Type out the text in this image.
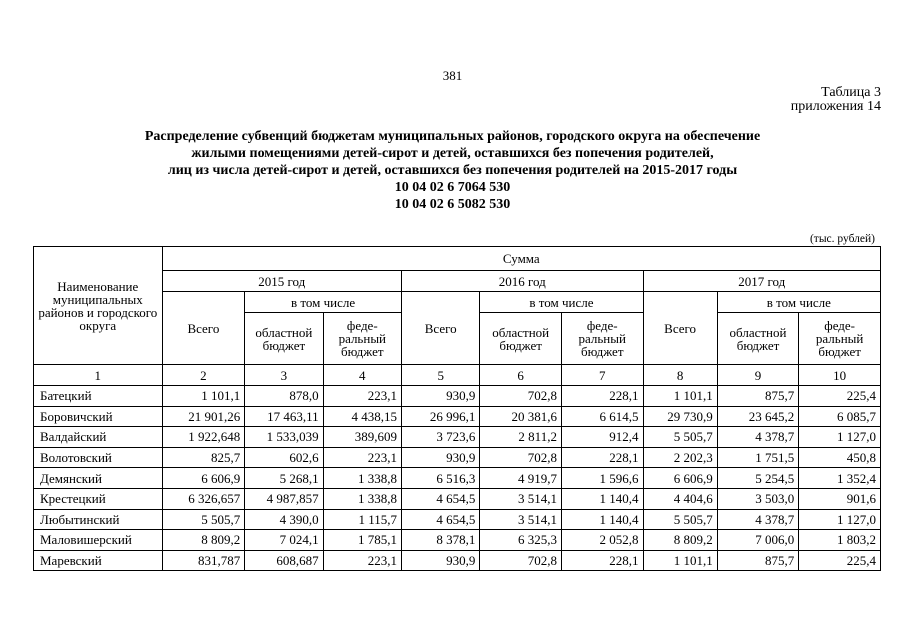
381
Таблица 3
приложения 14
Распределение субвенций бюджетам муниципальных районов, городского округа на обеспечение
жилыми помещениями детей-сирот и детей, оставшихся без попечения родителей,
лиц из числа детей-сирот и детей, оставшихся без попечения родителей на 2015-2017 годы
10 04 02 6 7064 530
10 04 02 6 5082 530
(тыс. рублей)
Наименование муниципальных районов и городского округа	Сумма								
	2015 год			2016 год			2017 год		
	Всего	в том числе		Всего	в том числе		Всего	в том числе	
		областной бюджет	феде-ральный бюджет		областной бюджет	феде-ральный бюджет		областной бюджет	феде-ральный бюджет
1	2	3	4	5	6	7	8	9	10
Батецкий	1 101,1	878,0	223,1	930,9	702,8	228,1	1 101,1	875,7	225,4
Боровичский	21 901,26	17 463,11	4 438,15	26 996,1	20 381,6	6 614,5	29 730,9	23 645,2	6 085,7
Валдайский	1 922,648	1 533,039	389,609	3 723,6	2 811,2	912,4	5 505,7	4 378,7	1 127,0
Волотовский	825,7	602,6	223,1	930,9	702,8	228,1	2 202,3	1 751,5	450,8
Демянский	6 606,9	5 268,1	1 338,8	6 516,3	4 919,7	1 596,6	6 606,9	5 254,5	1 352,4
Крестецкий	6 326,657	4 987,857	1 338,8	4 654,5	3 514,1	1 140,4	4 404,6	3 503,0	901,6
Любытинский	5 505,7	4 390,0	1 115,7	4 654,5	3 514,1	1 140,4	5 505,7	4 378,7	1 127,0
Маловишерский	8 809,2	7 024,1	1 785,1	8 378,1	6 325,3	2 052,8	8 809,2	7 006,0	1 803,2
Маревский	831,787	608,687	223,1	930,9	702,8	228,1	1 101,1	875,7	225,4
